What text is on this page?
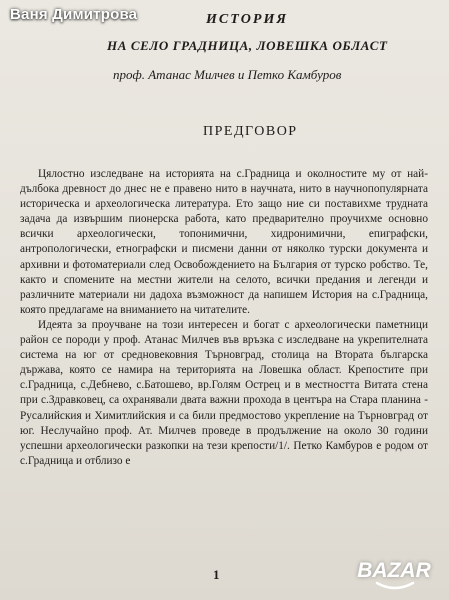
Ваня Димитрова	ИСТОРИЯ
НА СЕЛО ГРАДНИЦА, ЛОВЕШКА ОБЛАСТ
проф. Атанас Милчев и Петко Камбуров
ПРЕДГОВОР

Цялостно изследване на историята на с.Градница и околностите му от най-дълбока древност до днес не е правено нито в научната, нито в научнопопулярната историческа и археологическа литература. Ето защо ние си поставихме трудната задача да извършим пионерска работа, като предварително проучихме основно всички археологически, топонимични, хидронимични, епиграфски, антропологически, етнографски и писмени данни от няколко турски документа и архивни и фотоматериали след Освобождението на България от турско робство. Те, както и спомените на местни жители на селото, всички предания и легенди и различните материали ни дадоха възможност да напишем История на с.Градница, която предлагаме на вниманието на читателите.

Идеята за проучване на този интересен и богат с археологически паметници район се породи у проф. Атанас Милчев във връзка с изследване на укрепителната система на юг от средновековния Търновград, столица на Втората българска държава, която се намира на територията на Ловешка област. Крепостите при с.Градница, с.Дебнево, с.Батошево, вр.Голям Острец и в местността Витата стена при с.Здравковец, са охранявали двата важни прохода в центъра на Стара планина - Русалийския и Химитлийския и са били предмостово укрепление на Търновград от юг. Неслучайно проф. Ат. Милчев проведе в продължение на около 30 години успешни археологически разкопки на тези крепости/1/. Петко Камбуров е родом от с.Градница и отблизо е

1	BAZAR
